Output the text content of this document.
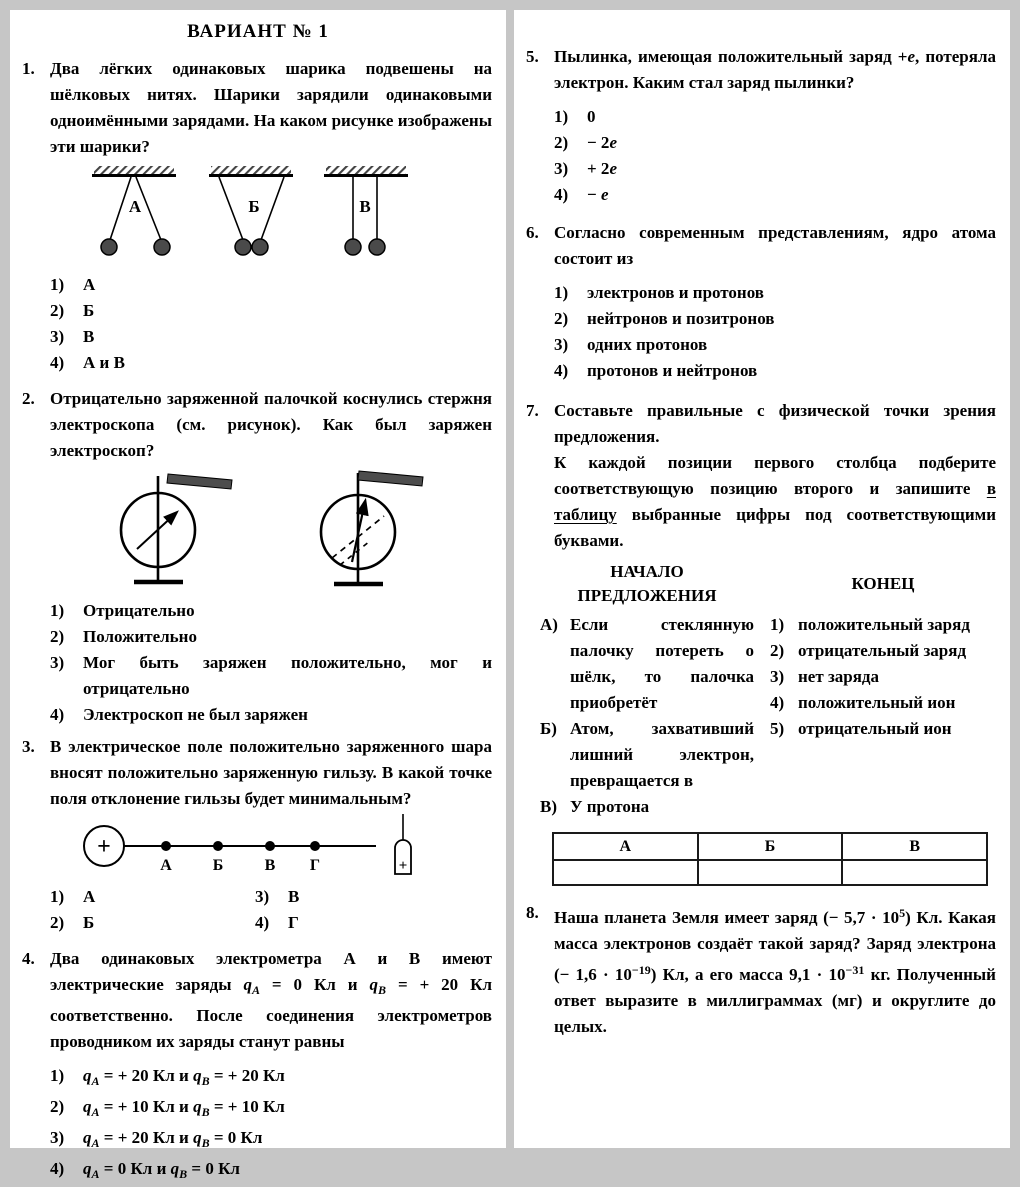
ВАРИАНТ № 1
1. Два лёгких одинаковых шарика подвешены на шёлковых нитях. Шарики зарядили одинаковыми одноимёнными зарядами. На каком рисунке изображены эти шарики?

А	Б	В
1) А
2) Б
3) В
4) А и В
2. Отрицательно заряженной палочкой коснулись стержня электроскопа (см. рисунок). Как был заряжен электроскоп?

1) Отрицательно
2) Положительно
3) Мог быть заряжен положительно, мог и отрицательно
4) Электроскоп не был заряжен
3. В электрическое поле положительно заряженного шара вносят положительно заряженную гильзу. В какой точке поля отклонение гильзы будет минимальным?

+
А	Б	В Г	+
1) А	3) В
2) Б	4) Г
4. Два одинаковых электрометра А и В имеют электрические заряды $q_A = 0$ Кл и $q_B$ = + 20 Кл соответственно. После соединения электрометров проводником их заряды станут равны

1) $q_A$ = + 20 Кл и $q_B$ = + 20 Кл
2) $q_A$ = + 10 Кл и $q_B$ = + 10 Кл
3) $q_A$ = + 20 Кл и $q_B = 0$ Кл
4) $q_A = 0$ Кл и $q_B = 0$ Кл
5. Пылинка, имеющая положительный заряд +e, потеряла электрон. Каким стал заряд пылинки?

1) 0
2) − 2e
3) + 2e
4) − e
6. Согласно современным представлениям, ядро атома состоит из

1) электронов и протонов
2) нейтронов и позитронов
3) одних протонов
4) протонов и нейтронов
7. Составьте правильные с физической точки зрения предложения.

К каждой позиции первого столбца подберите соответствующую позицию второго и запишите в таблицу выбранные цифры под соответствующими буквами.

НАЧАЛО
ПРЕДЛОЖЕНИЯ
А) Если стеклянную палочку потереть о шёлк, то палочка приобретёт
Б) Атом, захвативший лишний электрон, превращается в
В) У протона
КОНЕЦ
1) положительный заряд
2) отрицательный заряд
3) нет заряда
4) положительный ион
5) отрицательный ион
А	Б	В

8. Наша планета Земля имеет заряд (− $5,7 \cdot 10^5$) Кл. Какая масса электронов создаёт такой заряд? Заряд электрона (− $1,6 \cdot 10^{-19}$) Кл, а его масса $9,1 \cdot 10^{-31}$ кг. Полученный ответ выразите в миллиграммах (мг) и округлите до целых.
